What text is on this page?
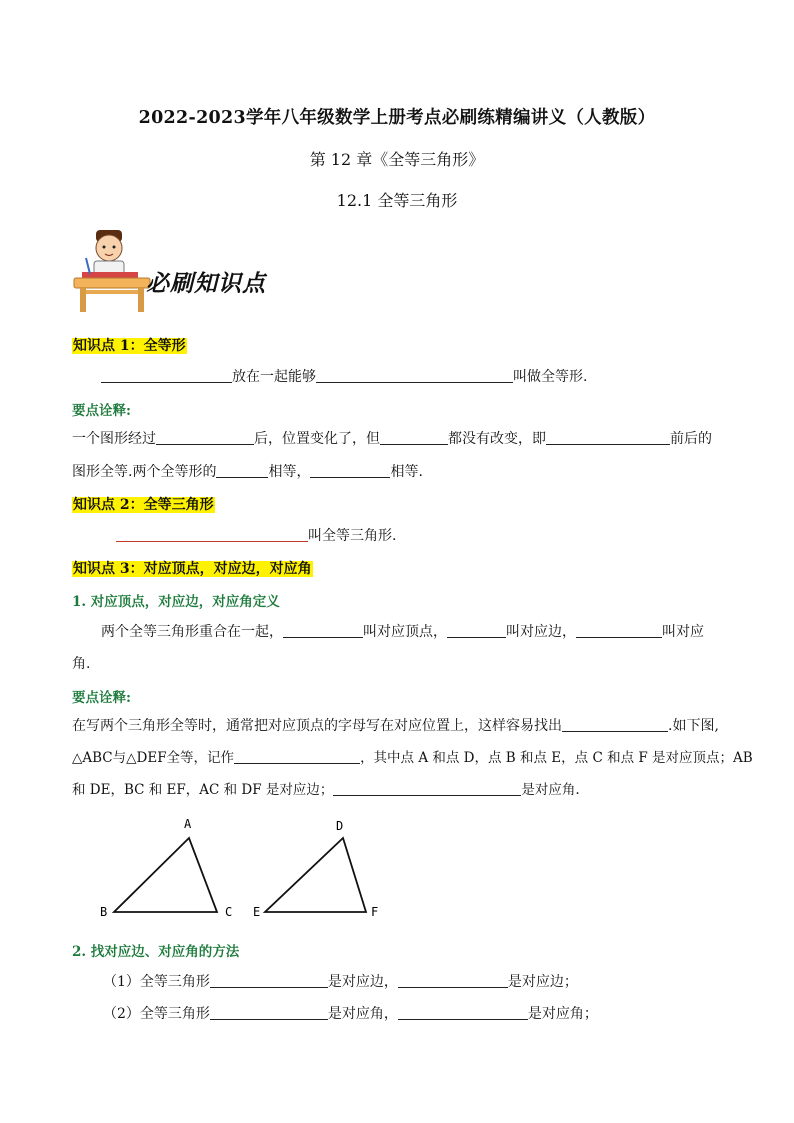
2022-2023学年八年级数学上册考点必刷练精编讲义（人教版）
第 12 章《全等三角形》
12.1 全等三角形
必刷知识点
知识点 1：全等形
放在一起能够	叫做全等形.
要点诠释:
一个图形经过	后，位置变化了，但	都没有改变，即	前后的
图形全等.两个全等形的	相等，	相等.
知识点 2：全等三角形
叫全等三角形.
知识点 3：对应顶点，对应边，对应角
1. 对应顶点，对应边，对应角定义
两个全等三角形重合在一起，	叫对应顶点，	叫对应边，	叫对应
角.
要点诠释:
在写两个三角形全等时，通常把对应顶点的字母写在对应位置上，这样容易找出	.如下图,
△ABC与△DEF全等，记作	，其中点 A 和点 D，点 B 和点 E，点 C 和点 F 是对应顶点；AB
和 DE，BC 和 EF，AC 和 DF 是对应边；	是对应角.
A
B	C
D
E	F
2. 找对应边、对应角的方法
（1）全等三角形	是对应边，	是对应边；
（2）全等三角形	是对应角，	是对应角；
